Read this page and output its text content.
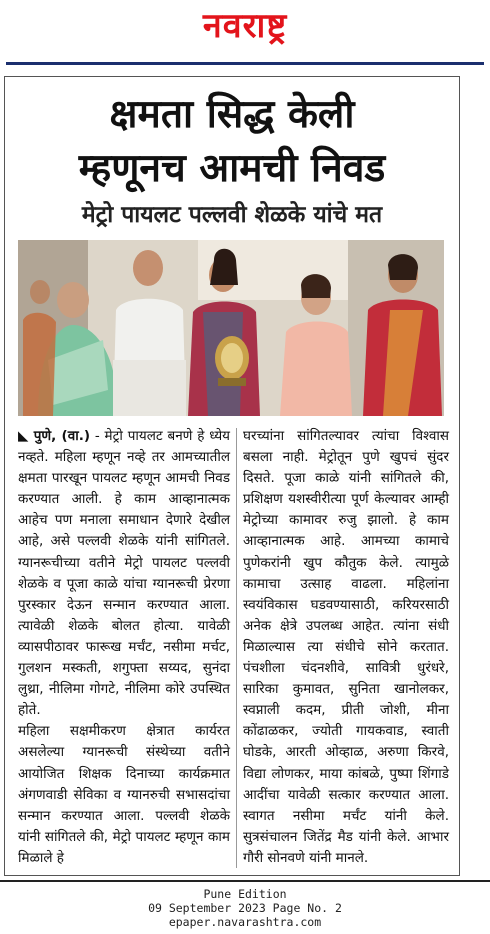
नवराष्ट्र
क्षमता सिद्ध केली
म्हणूनच आमची निवड
मेट्रो पायलट पल्लवी शेळके यांचे मत

◣ पुणे, (वा.) - मेट्रो पायलट बनणे हे ध्येय नव्हते. महिला म्हणून नव्हे तर आमच्यातील क्षमता पारखून पायलट म्हणून आमची निवड करण्यात आली. हे काम आव्हानात्मक आहेच पण मनाला समाधान देणारे देखील आहे, असे पल्लवी शेळके यांनी सांगितले. ग्यानरूचीच्या वतीने मेट्रो पायलट पल्लवी शेळके व पूजा काळे यांचा ग्यानरूची प्रेरणा पुरस्कार देऊन सन्मान करण्यात आला. त्यावेळी शेळके बोलत होत्या. यावेळी व्यासपीठावर फारूख मर्चंट, नसीमा मर्चट, गुलशन मस्कती, शगुफ्ता सय्यद, सुनंदा लुथ्रा, नीलिमा गोगटे, नीलिमा कोरे उपस्थित होते.

महिला सक्षमीकरण क्षेत्रात कार्यरत असलेल्या ग्यानरूची संस्थेच्या वतीने आयोजित शिक्षक दिनाच्या कार्यक्रमात अंगणवाडी सेविका व ग्यानरुची सभासदांचा सन्मान करण्यात आला. पल्लवी शेळके यांनी सांगितले की, मेट्रो पायलट म्हणून काम मिळाले हे

घरच्यांना सांगितल्यावर त्यांचा विश्वास बसला नाही. मेट्रोतून पुणे खुपचं सुंदर दिसते. पूजा काळे यांनी सांगितले की, प्रशिक्षण यशस्वीरीत्या पूर्ण केल्यावर आम्ही मेट्रोच्या कामावर रुजु झालो. हे काम आव्हानात्मक आहे. आमच्या कामाचे पुणेकरांनी खुप कौतुक केले. त्यामुळे कामाचा उत्साह वाढला. महिलांना स्वयंविकास घडवण्यासाठी, करियरसाठी अनेक क्षेत्रे उपलब्ध आहेत. त्यांना संधी मिळाल्यास त्या संधीचे सोने करतात. पंचशीला चंदनशीवे, सावित्री धुरंधरे, सारिका कुमावत, सुनिता खानोलकर, स्वप्नाली कदम, प्रीती जोशी, मीना कोंढाळकर, ज्योती गायकवाड, स्वाती घोडके, आरती ओव्हाळ, अरुणा किरवे, विद्या लोणकर, माया कांबळे, पुष्पा शिंगाडे आदींचा यावेळी सत्कार करण्यात आला. स्वागत नसीमा मर्चंट यांनी केले. सुत्रसंचालन जितेंद्र मैड यांनी केले. आभार गौरी सोनवणे यांनी मानले.

Pune Edition
09 September 2023 Page No. 2
epaper.navarashtra.com
